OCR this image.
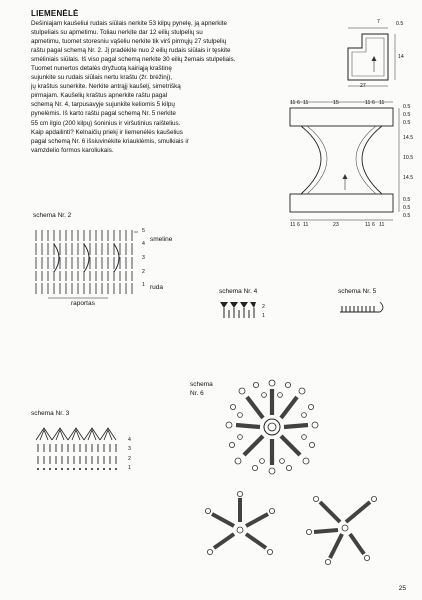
LIEMENĖLĖ
Dešiniajam kaušeliui rudais siūlais nerkite 53 kilpų pynelę, ją apnerkite
stulpeliais su apmetimu. Toliau nerkite dar 12 eilių stulpelių su
apmetimu, tuomet storesniu vąšeliu nerkite tik virš pirmųjų 27 stulpelių
raštu pagal schemą Nr. 2. Jį pradėkite nuo 2 eilių rudais siūlais ir tęskite
smėliniais siūlais. Iš viso pagal schemą nerkite 30 eilių žemais stulpeliais.
Tuomet nunertos detalės dryžuotą kairiąją kraštinę
sujunkite su rudais siūlais nertu kraštu (žr. brėžinį),
jų kraštus sunerkite. Nerkite antrąjį kaušelį, simetrišką
pirmajam. Kaušelių kraštus apnerkite raštu pagal
schemą Nr. 4, tarpusavyje sujunkite keliomis 5 kilpų
pynelėmis. Iš karto raštu pagal schemą Nr. 5 nerkite
55 cm ilgio (200 kilpų) šoninius ir viršutinius raištelius.
Kaip apdailinti? Kelnaičių priekį ir liemenėlės kaušelius
pagal schemą Nr. 6 išsiuvinėkite kriauklėmis, smulkiais ir
vamzdelio formos karoliukais.
7	0.5
14
27
11 6 11	15	11 6 11
11 6 11	23	11 6 11
0.5
0.5
0.5
14.5
10.5
14.5
0.5
0.5
0.5
schema Nr. 2
5
4
3
2
1
smeline
ruda
raportas
schema Nr. 4
2
1
schema Nr. 5
schema
Nr. 6
schema Nr. 3
4
3
2
1
25
